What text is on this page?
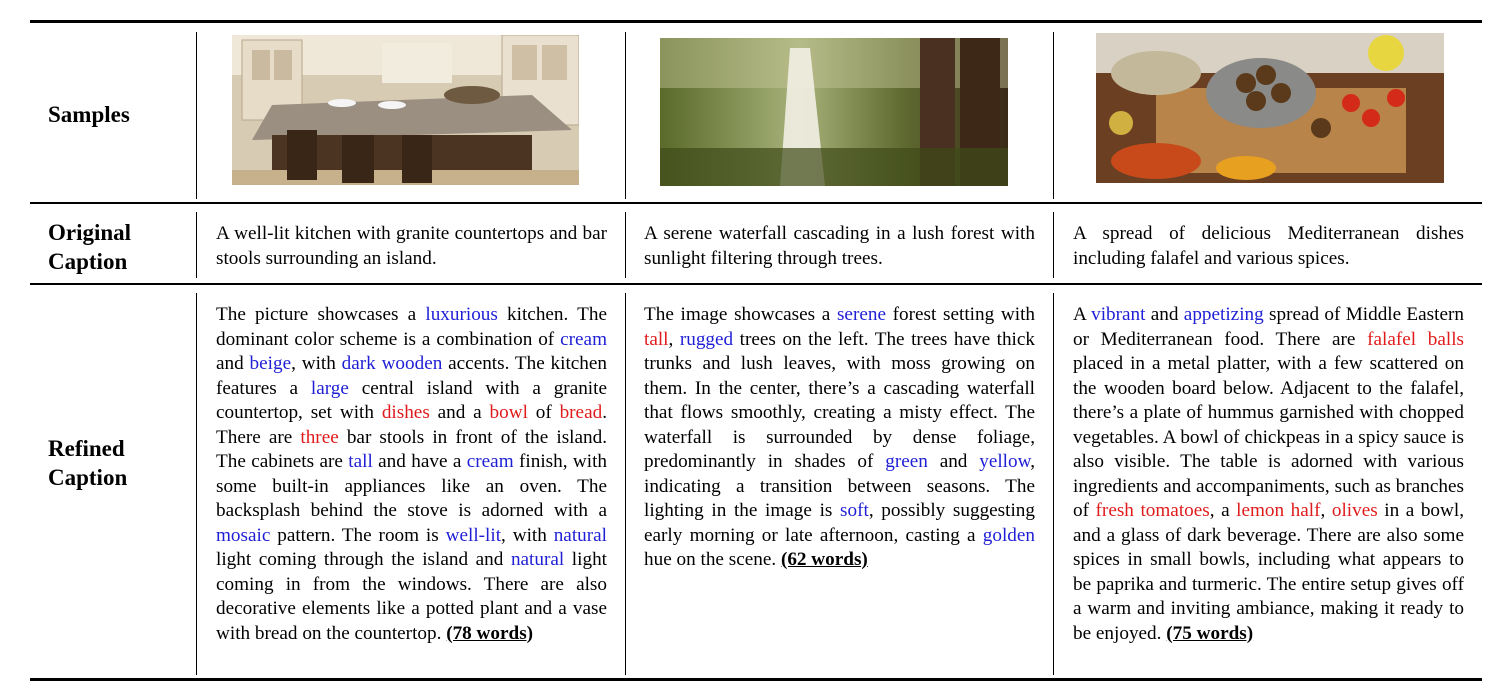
Samples
Original
Caption
Refined
Caption
A well-lit kitchen with granite countertops and bar stools surrounding an island.
A serene waterfall cascading in a lush forest with sunlight filtering through trees.
A spread of delicious Mediterranean dishes including falafel and various spices.
The picture showcases a luxurious kitchen. The dominant color scheme is a combination of cream and beige, with dark wooden accents. The kitchen features a large central island with a granite countertop, set with dishes and a bowl of bread. There are three bar stools in front of the island. The cabinets are tall and have a cream finish, with some built-in appliances like an oven. The backsplash behind the stove is adorned with a mosaic pattern. The room is well-lit, with natural light coming through the island and natural light coming in from the windows. There are also decorative elements like a potted plant and a vase with bread on the countertop. (78 words)
The image showcases a serene forest setting with tall, rugged trees on the left. The trees have thick trunks and lush leaves, with moss growing on them. In the center, there’s a cascading waterfall that flows smoothly, creating a misty effect. The waterfall is surrounded by dense foliage, predominantly in shades of green and yellow, indicating a transition between seasons. The lighting in the image is soft, possibly suggesting early morning or late afternoon, casting a golden hue on the scene. (62 words)
A vibrant and appetizing spread of Middle Eastern or Mediterranean food. There are falafel balls placed in a metal platter, with a few scattered on the wooden board below. Adjacent to the falafel, there’s a plate of hummus garnished with chopped vegetables. A bowl of chickpeas in a spicy sauce is also visible. The table is adorned with various ingredients and accompaniments, such as branches of fresh tomatoes, a lemon half, olives in a bowl, and a glass of dark beverage. There are also some spices in small bowls, including what appears to be paprika and turmeric. The entire setup gives off a warm and inviting ambiance, making it ready to be enjoyed. (75 words)
